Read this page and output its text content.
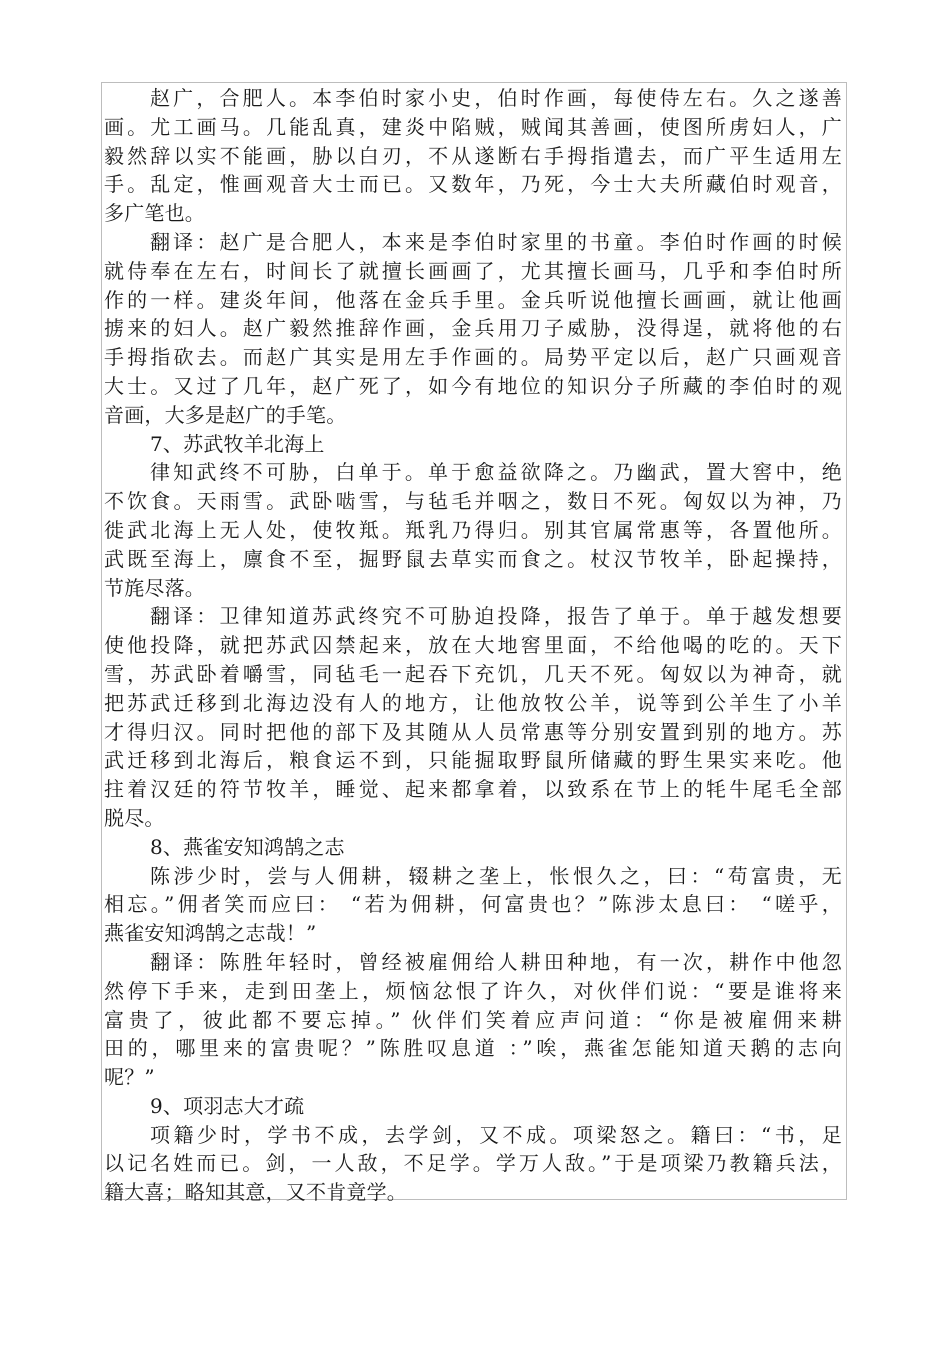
赵广，合肥人。本李伯时家小史，伯时作画，每使侍左右。久之遂善
画。尤工画马。几能乱真，建炎中陷贼，贼闻其善画，使图所虏妇人，广
毅然辞以实不能画，胁以白刃，不从遂断右手拇指遣去，而广平生适用左
手。乱定，惟画观音大士而已。又数年，乃死，今士大夫所藏伯时观音，
多广笔也。
翻译：赵广是合肥人，本来是李伯时家里的书童。李伯时作画的时候
就侍奉在左右，时间长了就擅长画画了，尤其擅长画马，几乎和李伯时所
作的一样。建炎年间，他落在金兵手里。金兵听说他擅长画画，就让他画
掳来的妇人。赵广毅然推辞作画，金兵用刀子威胁，没得逞，就将他的右
手拇指砍去。而赵广其实是用左手作画的。局势平定以后，赵广只画观音
大士。又过了几年，赵广死了，如今有地位的知识分子所藏的李伯时的观
音画，大多是赵广的手笔。
7、苏武牧羊北海上
律知武终不可胁，白单于。单于愈益欲降之。乃幽武，置大窖中，绝
不饮食。天雨雪。武卧啮雪，与毡毛并咽之，数日不死。匈奴以为神，乃
徙武北海上无人处，使牧羝。羝乳乃得归。别其官属常惠等，各置他所。
武既至海上，廪食不至，掘野鼠去草实而食之。杖汉节牧羊，卧起操持，
节旄尽落。
翻译：卫律知道苏武终究不可胁迫投降，报告了单于。单于越发想要
使他投降，就把苏武囚禁起来，放在大地窖里面，不给他喝的吃的。天下
雪，苏武卧着嚼雪，同毡毛一起吞下充饥，几天不死。匈奴以为神奇，就
把苏武迁移到北海边没有人的地方，让他放牧公羊，说等到公羊生了小羊
才得归汉。同时把他的部下及其随从人员常惠等分别安置到别的地方。苏
武迁移到北海后，粮食运不到，只能掘取野鼠所储藏的野生果实来吃。他
拄着汉廷的符节牧羊，睡觉、起来都拿着，以致系在节上的牦牛尾毛全部
脱尽。
8、燕雀安知鸿鹄之志
陈涉少时，尝与人佣耕，辍耕之垄上，怅恨久之，曰：“苟富贵，无
相忘。”佣者笑而应曰： “若为佣耕，何富贵也？”陈涉太息曰： “嗟乎，
燕雀安知鸿鹄之志哉！”
翻译：陈胜年轻时，曾经被雇佣给人耕田种地，有一次，耕作中他忽
然停下手来，走到田垄上，烦恼忿恨了许久，对伙伴们说：“要是谁将来
富贵了，彼此都不要忘掉。” 伙伴们笑着应声问道：“你是被雇佣来耕
田的，哪里来的富贵呢？”陈胜叹息道 ：”唉，燕雀怎能知道天鹅的志向
呢？”
9、项羽志大才疏
项籍少时，学书不成，去学剑，又不成。项梁怒之。籍曰：“书，足
以记名姓而已。剑，一人敌，不足学。学万人敌。”于是项梁乃教籍兵法，
籍大喜；略知其意，又不肯竟学。
